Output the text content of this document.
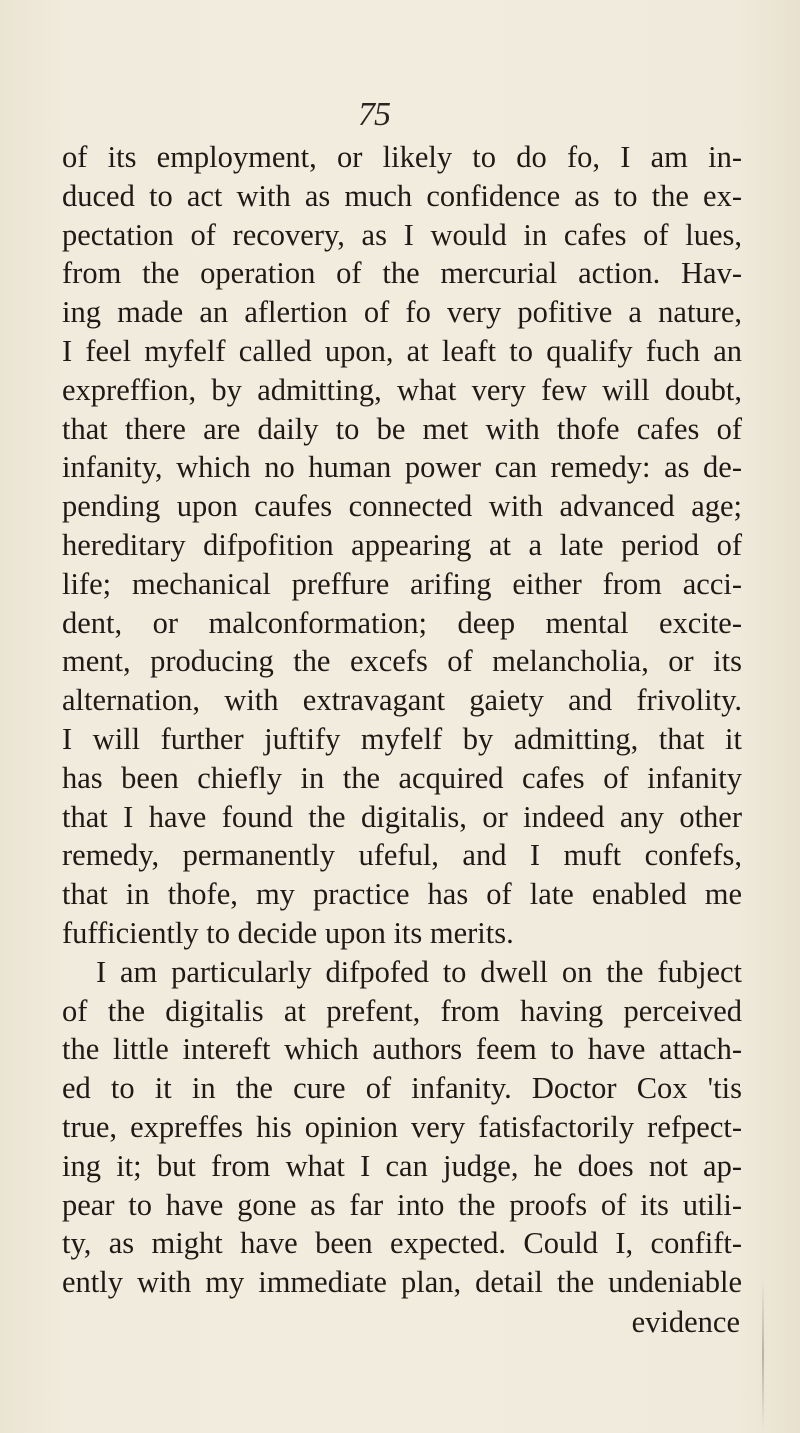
75
of its employment, or likely to do fo, I am in-
duced to act with as much confidence as to the ex-
pectation of recovery, as I would in cafes of lues,
from the operation of the mercurial action. Hav-
ing made an aflertion of fo very pofitive a nature,
I feel myfelf called upon, at leaft to qualify fuch an
expreffion, by admitting, what very few will doubt,
that there are daily to be met with thofe cafes of
infanity, which no human power can remedy: as de-
pending upon caufes connected with advanced age;
hereditary difpofition appearing at a late period of
life; mechanical preffure arifing either from acci-
dent, or malconformation; deep mental excite-
ment, producing the excefs of melancholia, or its
alternation, with extravagant gaiety and frivolity.
I will further juftify myfelf by admitting, that it
has been chiefly in the acquired cafes of infanity
that I have found the digitalis, or indeed any other
remedy, permanently ufeful, and I muft confefs,
that in thofe, my practice has of late enabled me
fufficiently to decide upon its merits.
I am particularly difpofed to dwell on the fubject
of the digitalis at prefent, from having perceived
the little intereft which authors feem to have attach-
ed to it in the cure of infanity. Doctor Cox 'tis
true, expreffes his opinion very fatisfactorily refpect-
ing it; but from what I can judge, he does not ap-
pear to have gone as far into the proofs of its utili-
ty, as might have been expected. Could I, confift-
ently with my immediate plan, detail the undeniable
evidence
